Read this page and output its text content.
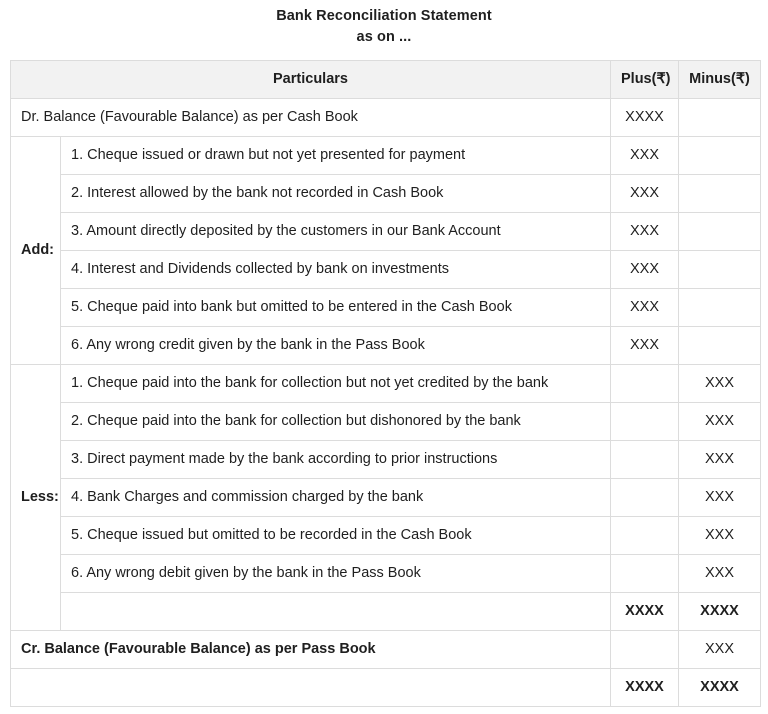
Bank Reconciliation Statement
as on ...
Particulars		Plus(₹)	Minus(₹)
Dr. Balance (Favourable Balance) as per Cash Book		XXXX	
Add:	1. Cheque issued or drawn but not yet presented for payment	XXX	
	2. Interest allowed by the bank not recorded in Cash Book	XXX	
	3. Amount directly deposited by the customers in our Bank Account	XXX	
	4. Interest and Dividends collected by bank on investments	XXX	
	5. Cheque paid into bank but omitted to be entered in the Cash Book	XXX	
	6. Any wrong credit given by the bank in the Pass Book	XXX	
Less:	1. Cheque paid into the bank for collection but not yet credited by the bank		XXX
	2. Cheque paid into the bank for collection but dishonored by the bank		XXX
	3. Direct payment made by the bank according to prior instructions		XXX
	4. Bank Charges and commission charged by the bank		XXX
	5. Cheque issued but omitted to be recorded in the Cash Book		XXX
	6. Any wrong debit given by the bank in the Pass Book		XXX
		XXXX	XXXX
Cr. Balance (Favourable Balance) as per Pass Book			XXX
		XXXX	XXXX
